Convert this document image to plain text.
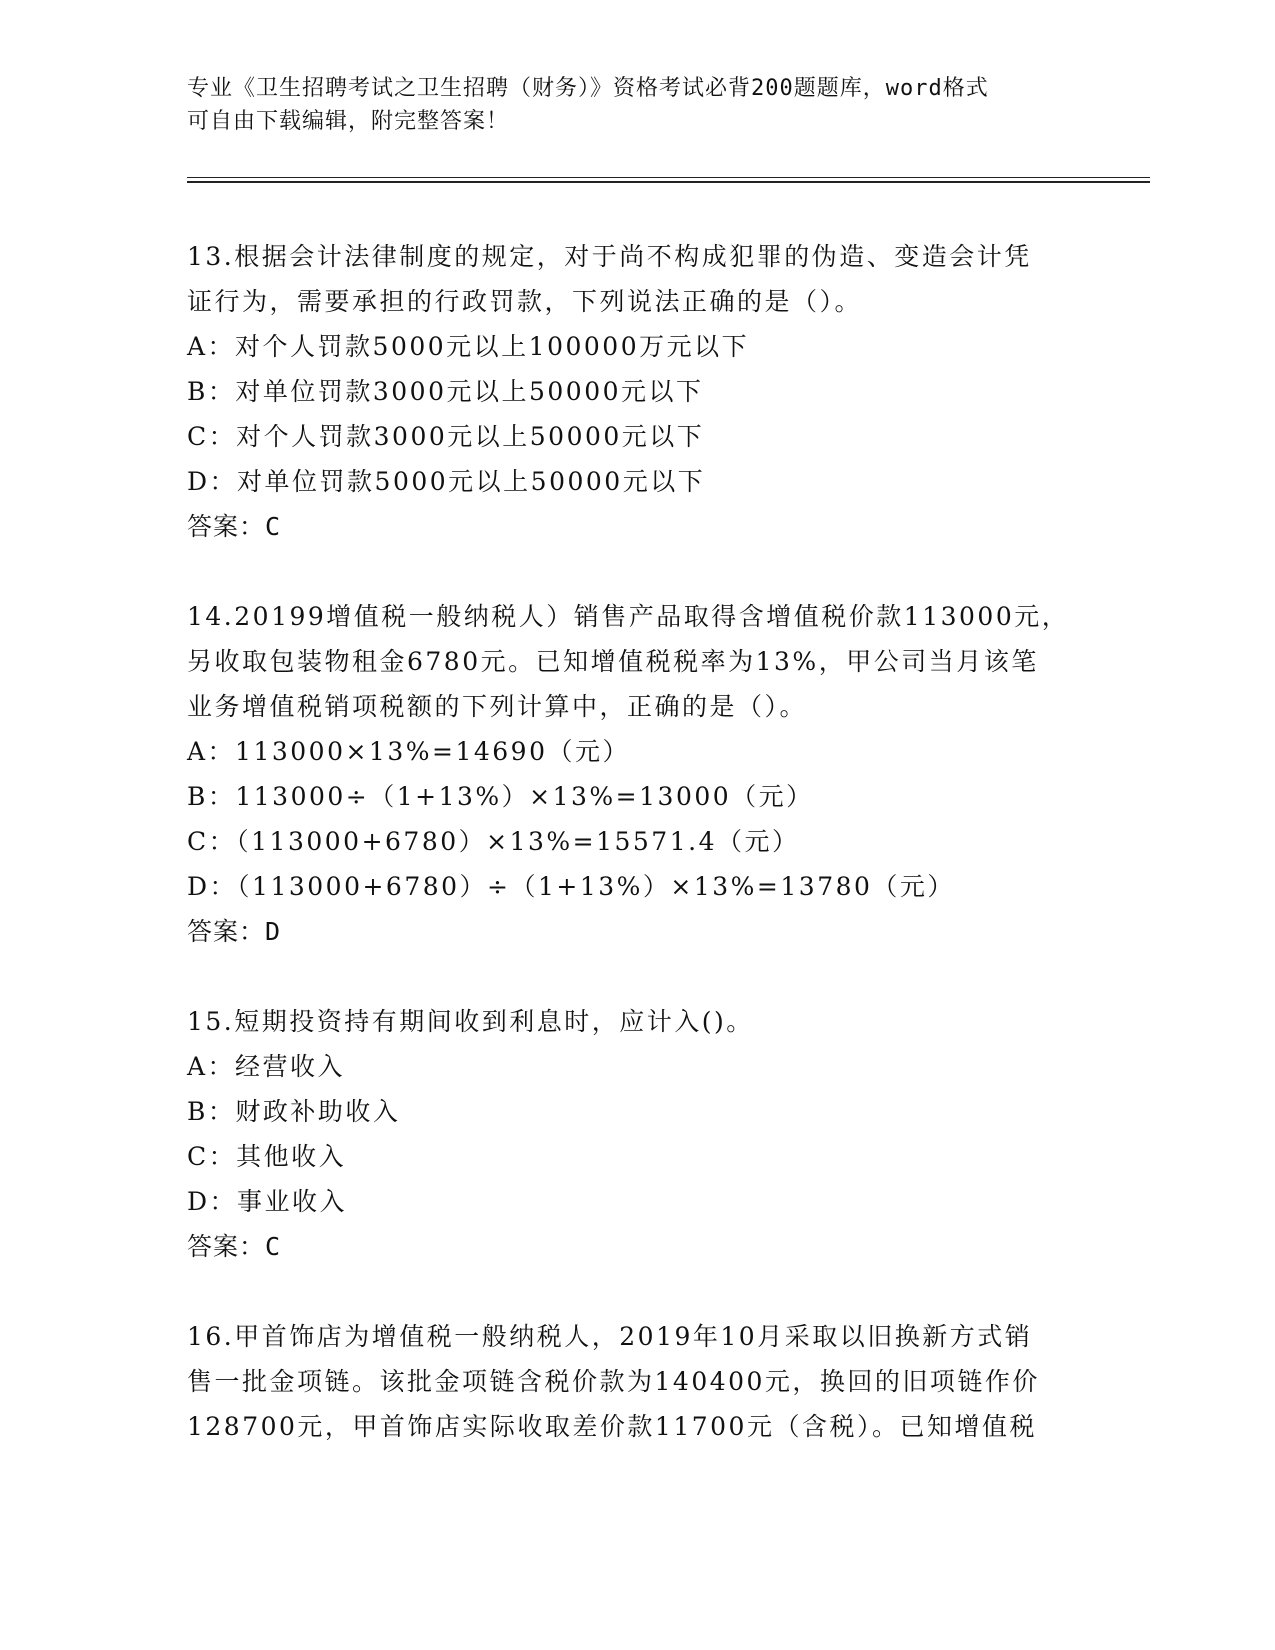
专业《卫生招聘考试之卫生招聘（财务）》资格考试必背200题题库，word格式
可自由下载编辑，附完整答案！
13.根据会计法律制度的规定，对于尚不构成犯罪的伪造、变造会计凭
证行为，需要承担的行政罚款，下列说法正确的是（）。
A：对个人罚款5000元以上100000万元以下
B：对单位罚款3000元以上50000元以下
C：对个人罚款3000元以上50000元以下
D：对单位罚款5000元以上50000元以下
答案：C
14.20199增值税一般纳税人）销售产品取得含增值税价款113000元，
另收取包装物租金6780元。已知增值税税率为13%，甲公司当月该笔
业务增值税销项税额的下列计算中，正确的是（）。
A：113000×13%=14690（元）
B：113000÷（1+13%）×13%=13000（元）
C：（113000+6780）×13%=15571.4（元）
D：（113000+6780）÷（1+13%）×13%=13780（元）
答案：D
15.短期投资持有期间收到利息时，应计入()。
A：经营收入
B：财政补助收入
C：其他收入
D：事业收入
答案：C
16.甲首饰店为增值税一般纳税人，2019年10月采取以旧换新方式销
售一批金项链。该批金项链含税价款为140400元，换回的旧项链作价
128700元，甲首饰店实际收取差价款11700元（含税）。已知增值税
